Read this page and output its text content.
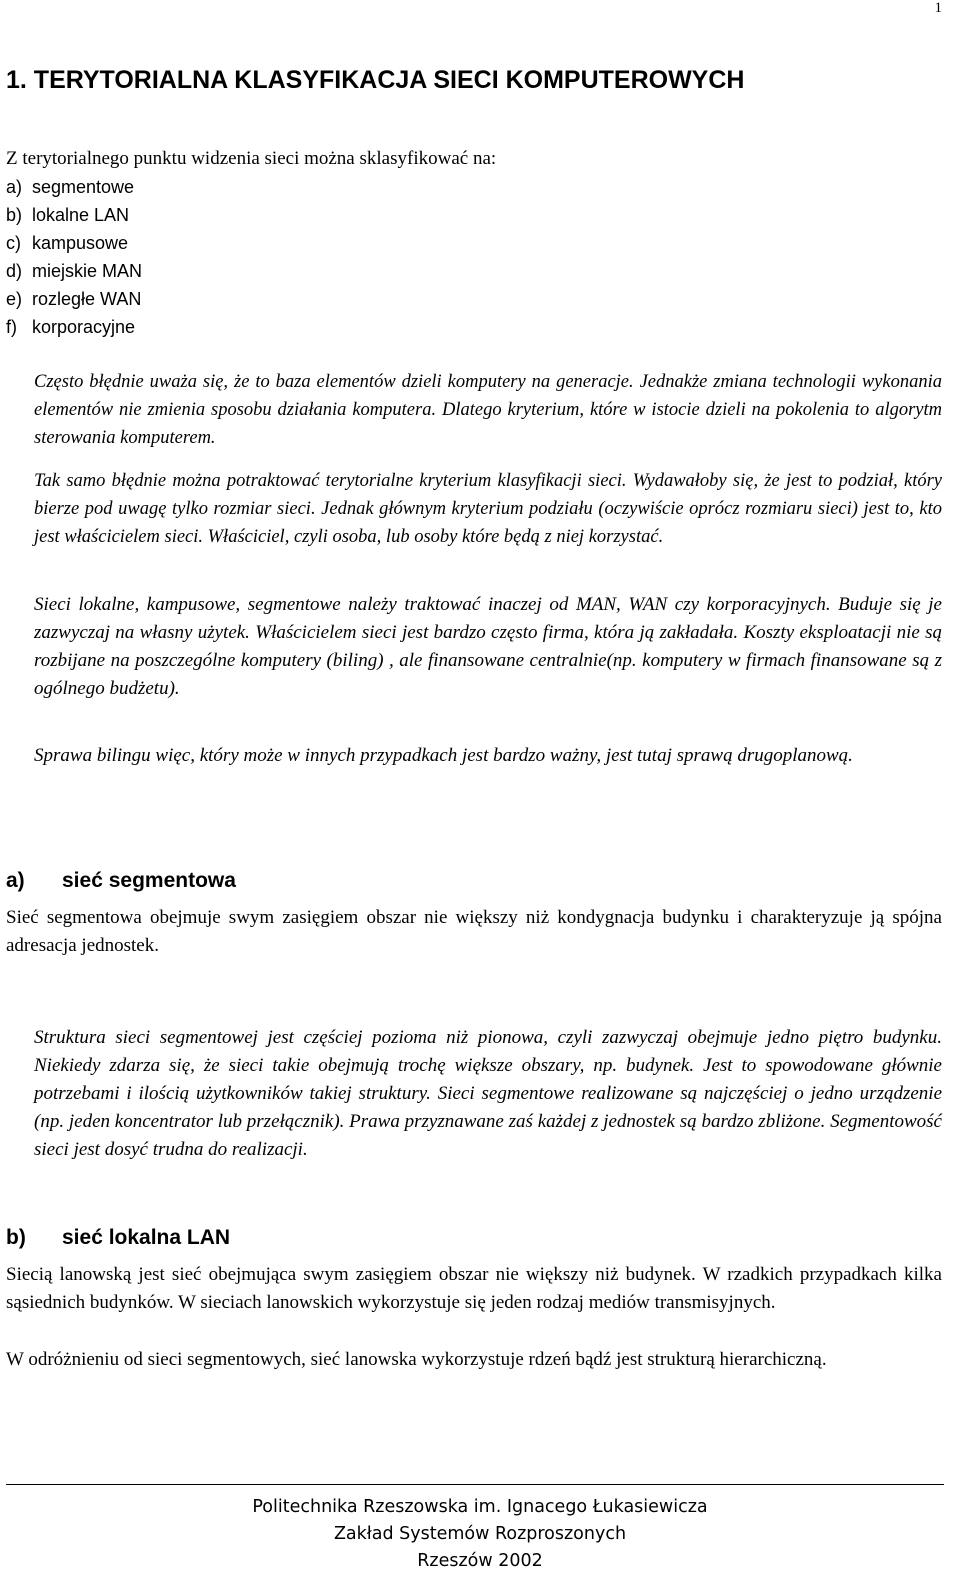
1
1. TERYTORIALNA KLASYFIKACJA SIECI KOMPUTEROWYCH

Z terytorialnego punktu widzenia sieci można sklasyfikować na:

a) segmentowe
b) lokalne LAN
c) kampusowe
d) miejskie MAN
e) rozległe WAN
f) korporacyjne

Często błędnie uważa się, że to baza elementów dzieli komputery na generacje. Jednakże zmiana technologii wykonania elementów nie zmienia sposobu działania komputera. Dlatego kryterium, które w istocie dzieli na pokolenia to algorytm sterowania komputerem.

Tak samo błędnie można potraktować terytorialne kryterium klasyfikacji sieci. Wydawałoby się, że jest to podział, który bierze pod uwagę tylko rozmiar sieci. Jednak głównym kryterium podziału (oczywiście oprócz rozmiaru sieci) jest to, kto jest właścicielem sieci. Właściciel, czyli osoba, lub osoby które będą z niej korzystać.

Sieci lokalne, kampusowe, segmentowe należy traktować inaczej od MAN, WAN czy korporacyjnych. Buduje się je zazwyczaj na własny użytek. Właścicielem sieci jest bardzo często firma, która ją zakładała. Koszty eksploatacji nie są rozbijane na poszczególne komputery (biling) , ale finansowane centralnie(np. komputery w firmach finansowane są z ogólnego budżetu).

Sprawa bilingu więc, który może w innych przypadkach jest bardzo ważny, jest tutaj sprawą drugoplanową.

a) sieć segmentowa

Sieć segmentowa obejmuje swym zasięgiem obszar nie większy niż kondygnacja budynku i charakteryzuje ją spójna adresacja jednostek.

Struktura sieci segmentowej jest częściej pozioma niż pionowa, czyli zazwyczaj obejmuje jedno piętro budynku. Niekiedy zdarza się, że sieci takie obejmują trochę większe obszary, np. budynek. Jest to spowodowane głównie potrzebami i ilością użytkowników takiej struktury. Sieci segmentowe realizowane są najczęściej o jedno urządzenie (np. jeden koncentrator lub przełącznik). Prawa przyznawane zaś każdej z jednostek są bardzo zbliżone. Segmentowość sieci jest dosyć trudna do realizacji.

b) sieć lokalna LAN

Siecią lanowską jest sieć obejmująca swym zasięgiem obszar nie większy niż budynek. W rzadkich przypadkach kilka sąsiednich budynków. W sieciach lanowskich wykorzystuje się jeden rodzaj mediów transmisyjnych.

W odróżnieniu od sieci segmentowych, sieć lanowska wykorzystuje rdzeń bądź jest strukturą hierarchiczną.

Politechnika Rzeszowska im. Ignacego Łukasiewicza
Zakład Systemów Rozproszonych
Rzeszów 2002
